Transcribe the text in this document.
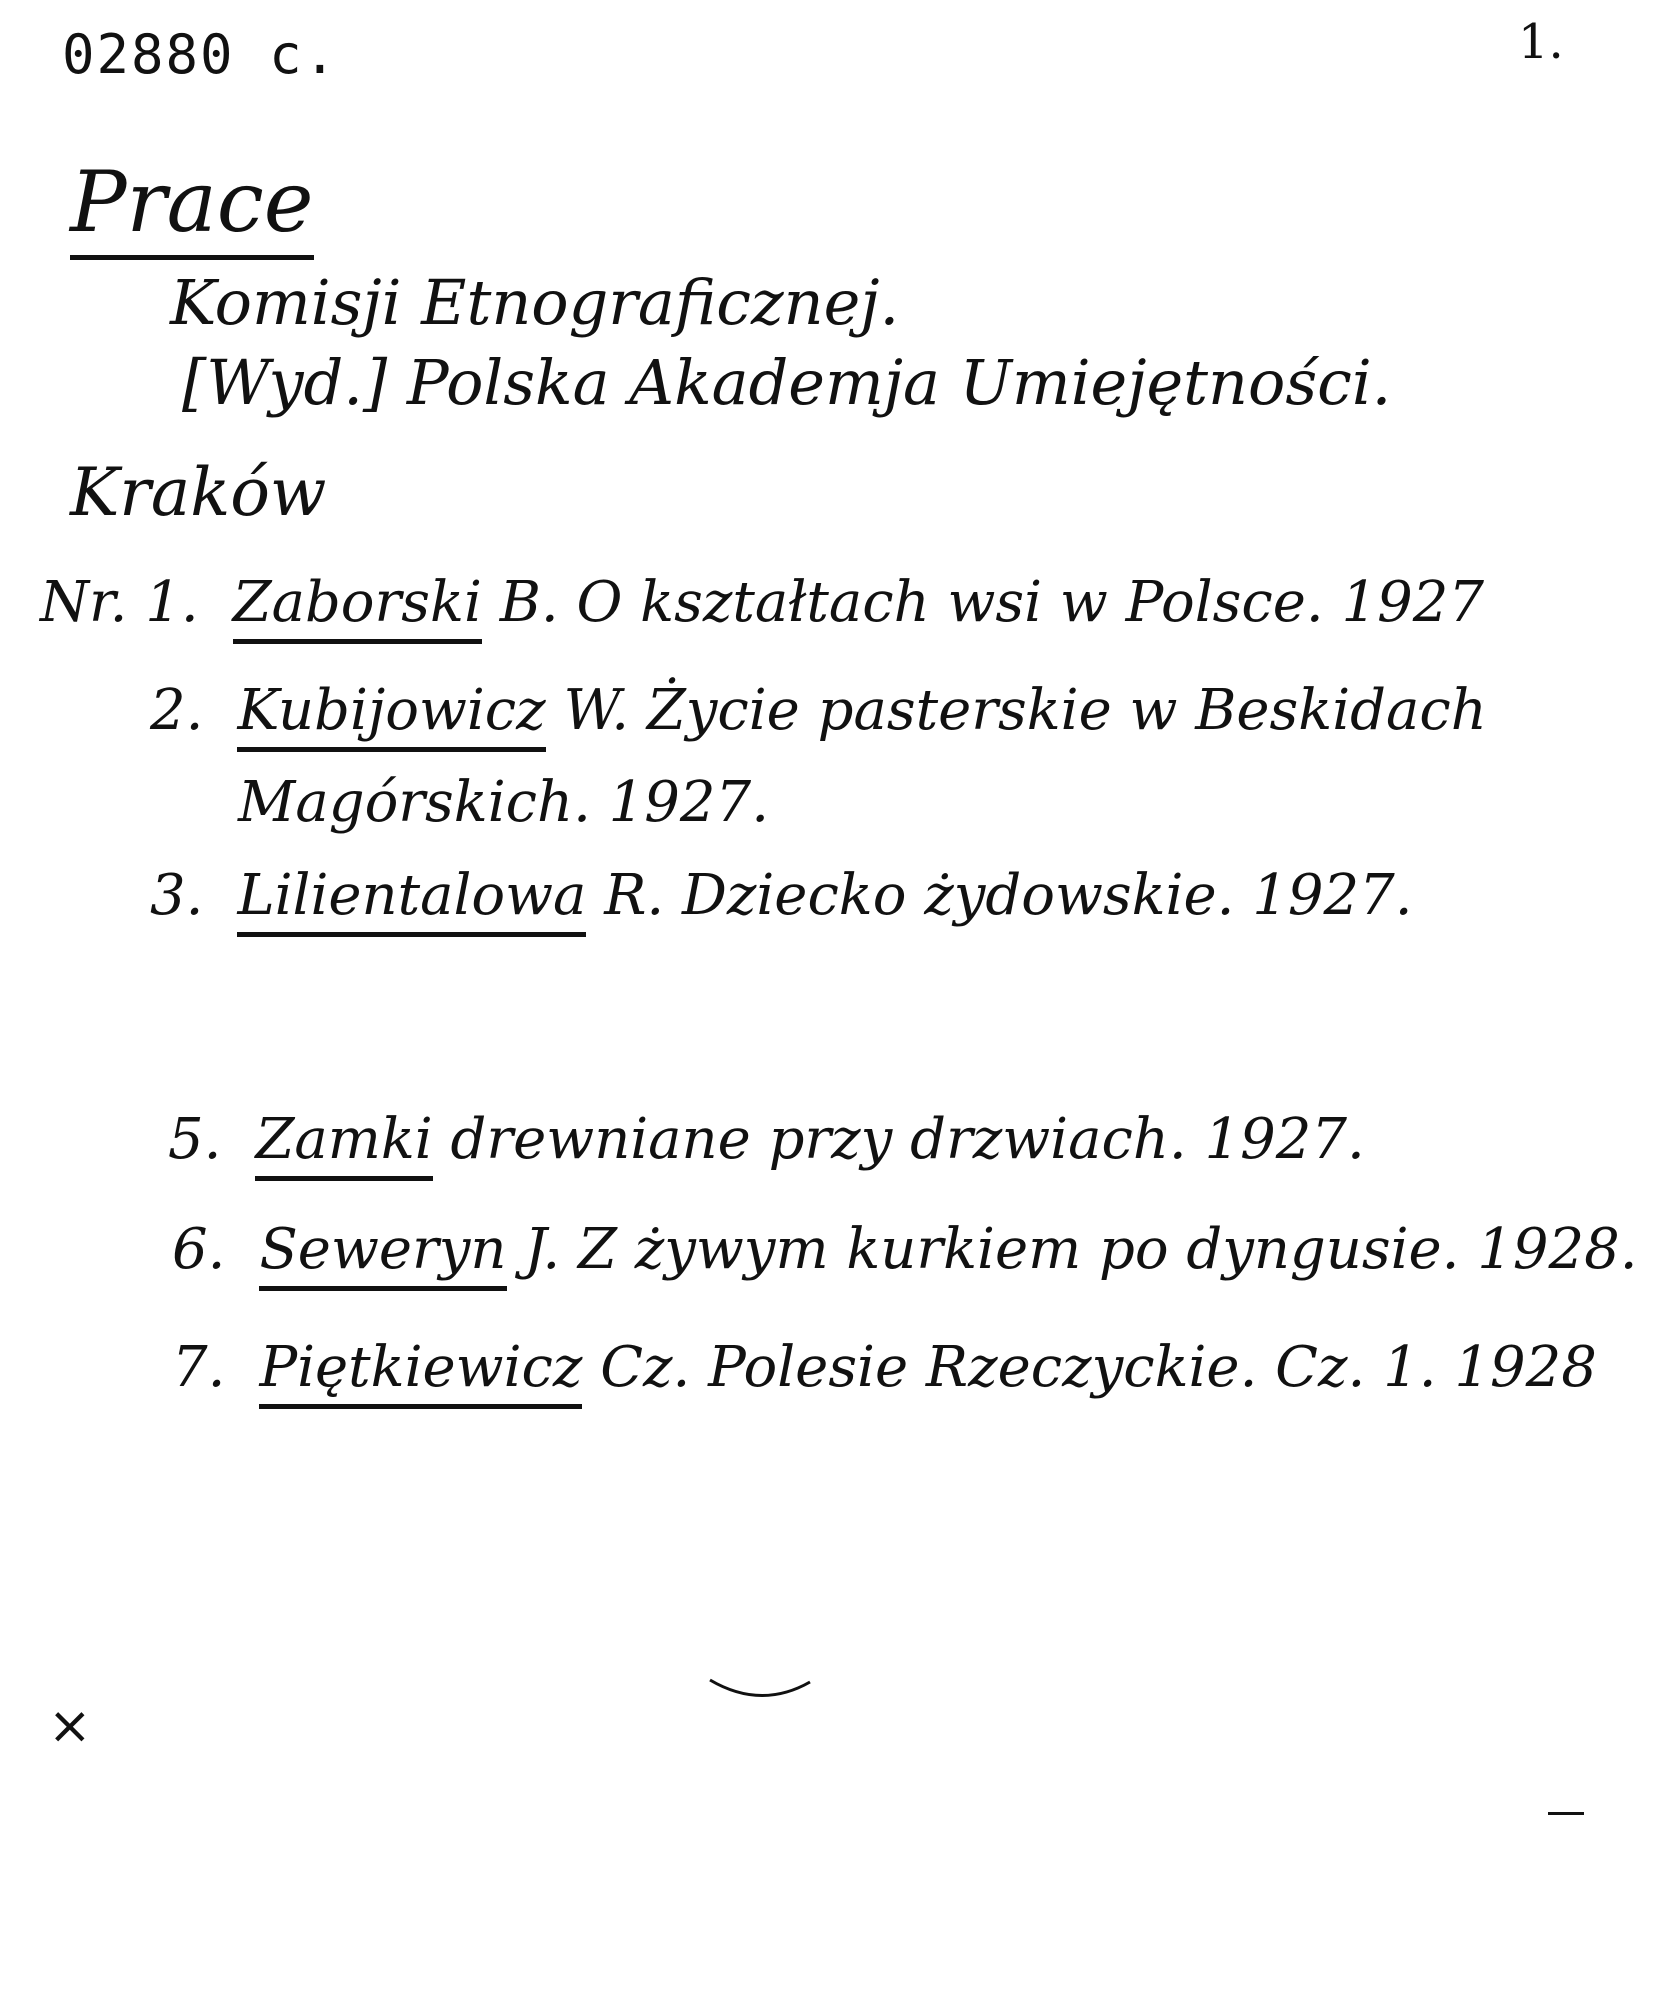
02880 c.	1.
Prace
Komisji Etnograficznej.
[Wyd.] Polska Akademja Umiejętności.
Kraków
Nr. 1. Zaborski B. O kształtach wsi w Polsce. 1927
2. Kubijowicz W. Życie pasterskie w Beskidach
Magórskich. 1927.
3. Lilientalowa R. Dziecko żydowskie. 1927.
5. Zamki drewniane przy drzwiach. 1927.
6. Seweryn J. Z żywym kurkiem po dyngusie. 1928.
7. Piętkiewicz Cz. Polesie Rzeczyckie. Cz. 1. 1928
×
